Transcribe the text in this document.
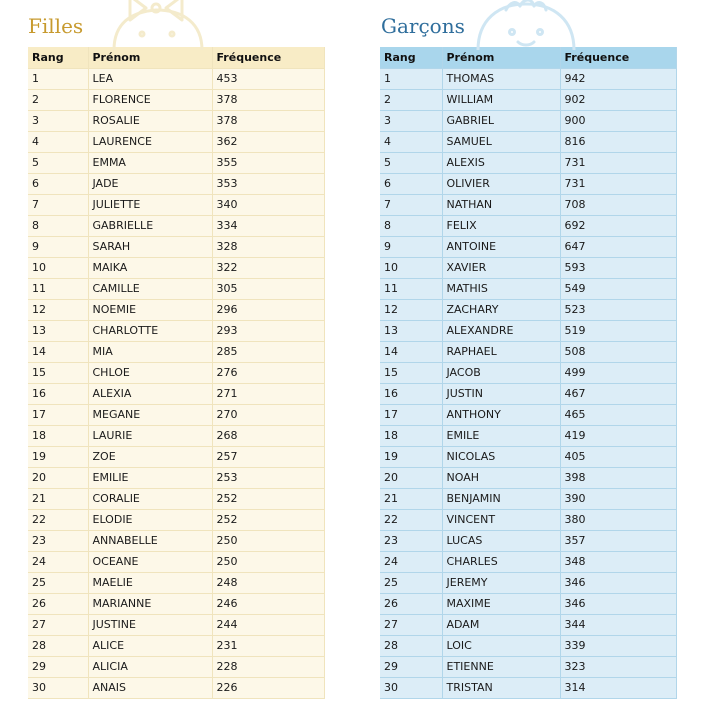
Filles
Rang	Prénom	Fréquence
1	LEA	453
2	FLORENCE	378
3	ROSALIE	378
4	LAURENCE	362
5	EMMA	355
6	JADE	353
7	JULIETTE	340
8	GABRIELLE	334
9	SARAH	328
10	MAIKA	322
11	CAMILLE	305
12	NOEMIE	296
13	CHARLOTTE	293
14	MIA	285
15	CHLOE	276
16	ALEXIA	271
17	MEGANE	270
18	LAURIE	268
19	ZOE	257
20	EMILIE	253
21	CORALIE	252
22	ELODIE	252
23	ANNABELLE	250
24	OCEANE	250
25	MAELIE	248
26	MARIANNE	246
27	JUSTINE	244
28	ALICE	231
29	ALICIA	228
30	ANAIS	226
Garçons
Rang	Prénom	Fréquence
1	THOMAS	942
2	WILLIAM	902
3	GABRIEL	900
4	SAMUEL	816
5	ALEXIS	731
6	OLIVIER	731
7	NATHAN	708
8	FELIX	692
9	ANTOINE	647
10	XAVIER	593
11	MATHIS	549
12	ZACHARY	523
13	ALEXANDRE	519
14	RAPHAEL	508
15	JACOB	499
16	JUSTIN	467
17	ANTHONY	465
18	EMILE	419
19	NICOLAS	405
20	NOAH	398
21	BENJAMIN	390
22	VINCENT	380
23	LUCAS	357
24	CHARLES	348
25	JEREMY	346
26	MAXIME	346
27	ADAM	344
28	LOIC	339
29	ETIENNE	323
30	TRISTAN	314
